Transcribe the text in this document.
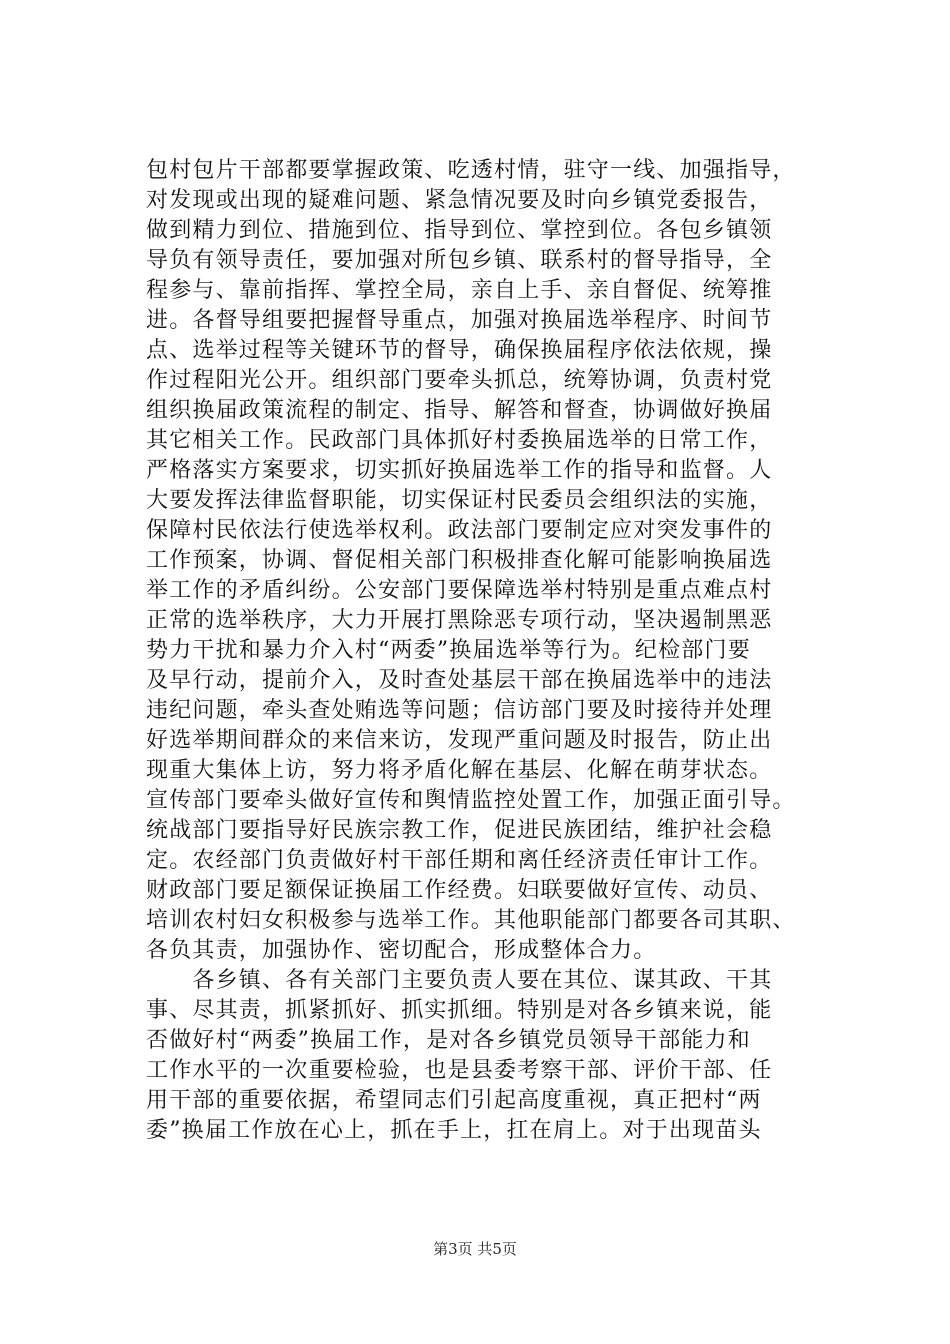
包村包片干部都要掌握政策、吃透村情，驻守一线、加强指导，
对发现或出现的疑难问题、紧急情况要及时向乡镇党委报告，
做到精力到位、措施到位、指导到位、掌控到位。各包乡镇领
导负有领导责任，要加强对所包乡镇、联系村的督导指导，全
程参与、靠前指挥、掌控全局，亲自上手、亲自督促、统筹推
进。各督导组要把握督导重点，加强对换届选举程序、时间节
点、选举过程等关键环节的督导，确保换届程序依法依规，操
作过程阳光公开。组织部门要牵头抓总，统筹协调，负责村党
组织换届政策流程的制定、指导、解答和督查，协调做好换届
其它相关工作。民政部门具体抓好村委换届选举的日常工作，
严格落实方案要求，切实抓好换届选举工作的指导和监督。人
大要发挥法律监督职能，切实保证村民委员会组织法的实施，
保障村民依法行使选举权利。政法部门要制定应对突发事件的
工作预案，协调、督促相关部门积极排查化解可能影响换届选
举工作的矛盾纠纷。公安部门要保障选举村特别是重点难点村
正常的选举秩序，大力开展打黑除恶专项行动，坚决遏制黑恶
势力干扰和暴力介入村“两委”换届选举等行为。纪检部门要
及早行动，提前介入，及时查处基层干部在换届选举中的违法
违纪问题，牵头查处贿选等问题；信访部门要及时接待并处理
好选举期间群众的来信来访，发现严重问题及时报告，防止出
现重大集体上访，努力将矛盾化解在基层、化解在萌芽状态。
宣传部门要牵头做好宣传和舆情监控处置工作，加强正面引导。
统战部门要指导好民族宗教工作，促进民族团结，维护社会稳
定。农经部门负责做好村干部任期和离任经济责任审计工作。
财政部门要足额保证换届工作经费。妇联要做好宣传、动员、
培训农村妇女积极参与选举工作。其他职能部门都要各司其职、
各负其责，加强协作、密切配合，形成整体合力。
　　各乡镇、各有关部门主要负责人要在其位、谋其政、干其
事、尽其责，抓紧抓好、抓实抓细。特别是对各乡镇来说，能
否做好村“两委”换届工作，是对各乡镇党员领导干部能力和
工作水平的一次重要检验，也是县委考察干部、评价干部、任
用干部的重要依据，希望同志们引起高度重视，真正把村“两
委”换届工作放在心上，抓在手上，扛在肩上。对于出现苗头
第3页 共5页
